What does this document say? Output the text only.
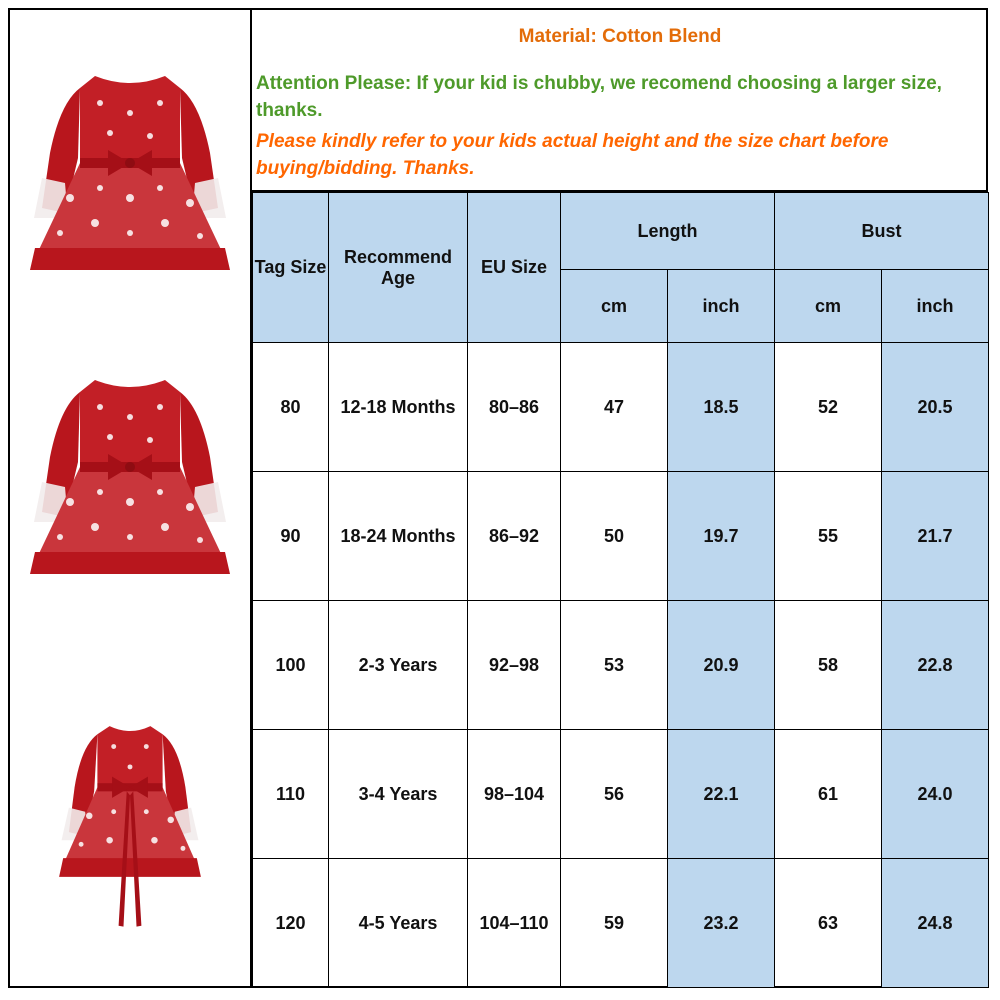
Material: Cotton Blend
Attention Please: If your kid is chubby, we recomend choosing a larger size, thanks.
Please kindly refer to your kids actual height and the size chart before buying/bidding. Thanks.
Tag Size	Recommend Age	EU Size	Length		Bust	
			cm	inch	cm	inch
80	12-18 Months	80–86	47	18.5	52	20.5
90	18-24 Months	86–92	50	19.7	55	21.7
100	2-3 Years	92–98	53	20.9	58	22.8
110	3-4 Years	98–104	56	22.1	61	24.0
120	4-5 Years	104–110	59	23.2	63	24.8
